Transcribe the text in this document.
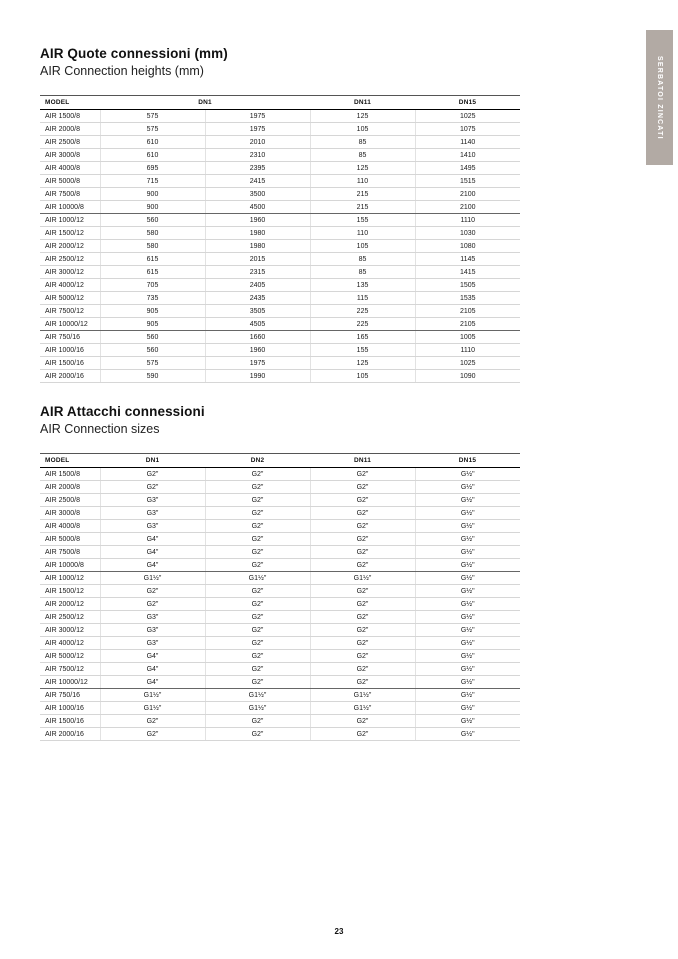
SERBATOI ZINCATI
AIR Quote connessioni (mm)
AIR Connection heights (mm)
MODEL	DN1		DN11	DN15
AIR 1500/8	575	1975	125	1025
AIR 2000/8	575	1975	105	1075
AIR 2500/8	610	2010	85	1140
AIR 3000/8	610	2310	85	1410
AIR 4000/8	695	2395	125	1495
AIR 5000/8	715	2415	110	1515
AIR 7500/8	900	3500	215	2100
AIR 10000/8	900	4500	215	2100
AIR 1000/12	560	1960	155	1110
AIR 1500/12	580	1980	110	1030
AIR 2000/12	580	1980	105	1080
AIR 2500/12	615	2015	85	1145
AIR 3000/12	615	2315	85	1415
AIR 4000/12	705	2405	135	1505
AIR 5000/12	735	2435	115	1535
AIR 7500/12	905	3505	225	2105
AIR 10000/12	905	4505	225	2105
AIR 750/16	560	1660	165	1005
AIR 1000/16	560	1960	155	1110
AIR 1500/16	575	1975	125	1025
AIR 2000/16	590	1990	105	1090
AIR Attacchi connessioni
AIR Connection sizes
MODEL	DN1	DN2	DN11	DN15
AIR 1500/8	G2"	G2"	G2"	G½"
AIR 2000/8	G2"	G2"	G2"	G½"
AIR 2500/8	G3"	G2"	G2"	G½"
AIR 3000/8	G3"	G2"	G2"	G½"
AIR 4000/8	G3"	G2"	G2"	G½"
AIR 5000/8	G4"	G2"	G2"	G½"
AIR 7500/8	G4"	G2"	G2"	G½"
AIR 10000/8	G4"	G2"	G2"	G½"
AIR 1000/12	G1½"	G1½"	G1½"	G½"
AIR 1500/12	G2"	G2"	G2"	G½"
AIR 2000/12	G2"	G2"	G2"	G½"
AIR 2500/12	G3"	G2"	G2"	G½"
AIR 3000/12	G3"	G2"	G2"	G½"
AIR 4000/12	G3"	G2"	G2"	G½"
AIR 5000/12	G4"	G2"	G2"	G½"
AIR 7500/12	G4"	G2"	G2"	G½"
AIR 10000/12	G4"	G2"	G2"	G½"
AIR 750/16	G1½"	G1½"	G1½"	G½"
AIR 1000/16	G1½"	G1½"	G1½"	G½"
AIR 1500/16	G2"	G2"	G2"	G½"
AIR 2000/16	G2"	G2"	G2"	G½"
23
